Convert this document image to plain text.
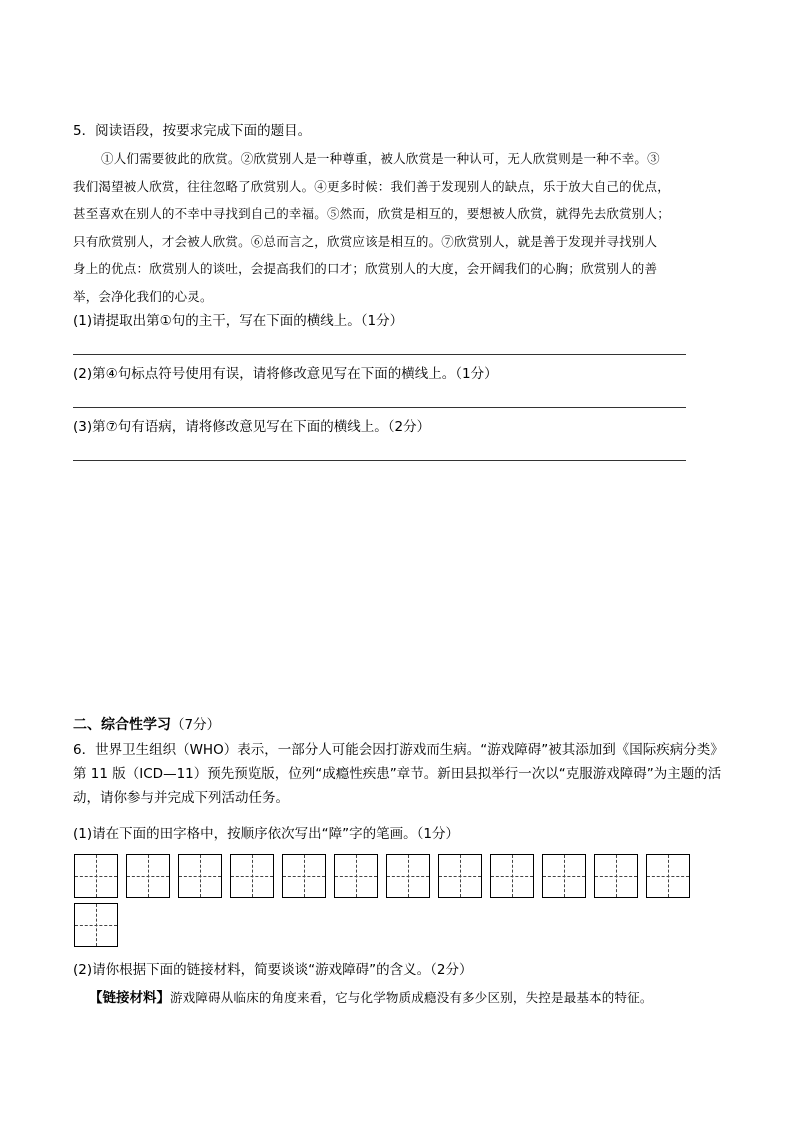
5．阅读语段，按要求完成下面的题目。
①人们需要彼此的欣赏。②欣赏别人是一种尊重，被人欣赏是一种认可，无人欣赏则是一种不幸。③
我们渴望被人欣赏，往往忽略了欣赏别人。④更多时候：我们善于发现别人的缺点，乐于放大自己的优点，
甚至喜欢在别人的不幸中寻找到自己的幸福。⑤然而，欣赏是相互的，要想被人欣赏，就得先去欣赏别人；
只有欣赏别人，才会被人欣赏。⑥总而言之，欣赏应该是相互的。⑦欣赏别人，就是善于发现并寻找别人
身上的优点：欣赏别人的谈吐，会提高我们的口才；欣赏别人的大度，会开阔我们的心胸；欣赏别人的善
举，会净化我们的心灵。
(1)请提取出第①句的主干，写在下面的横线上。（1分）
(2)第④句标点符号使用有误，请将修改意见写在下面的横线上。（1分）
(3)第⑦句有语病，请将修改意见写在下面的横线上。（2分）
二、综合性学习（7分）
6．世界卫生组织（WHO）表示，一部分人可能会因打游戏而生病。“游戏障碍”被其添加到《国际疾病分类》
第 11 版（ICD—11）预先预览版，位列“成瘾性疾患”章节。新田县拟举行一次以“克服游戏障碍”为主题的活
动，请你参与并完成下列活动任务。
(1)请在下面的田字格中，按顺序依次写出“障”字的笔画。（1分）
(2)请你根据下面的链接材料，简要谈谈“游戏障碍”的含义。（2分）
【链接材料】游戏障碍从临床的角度来看，它与化学物质成瘾没有多少区别，失控是最基本的特征。
